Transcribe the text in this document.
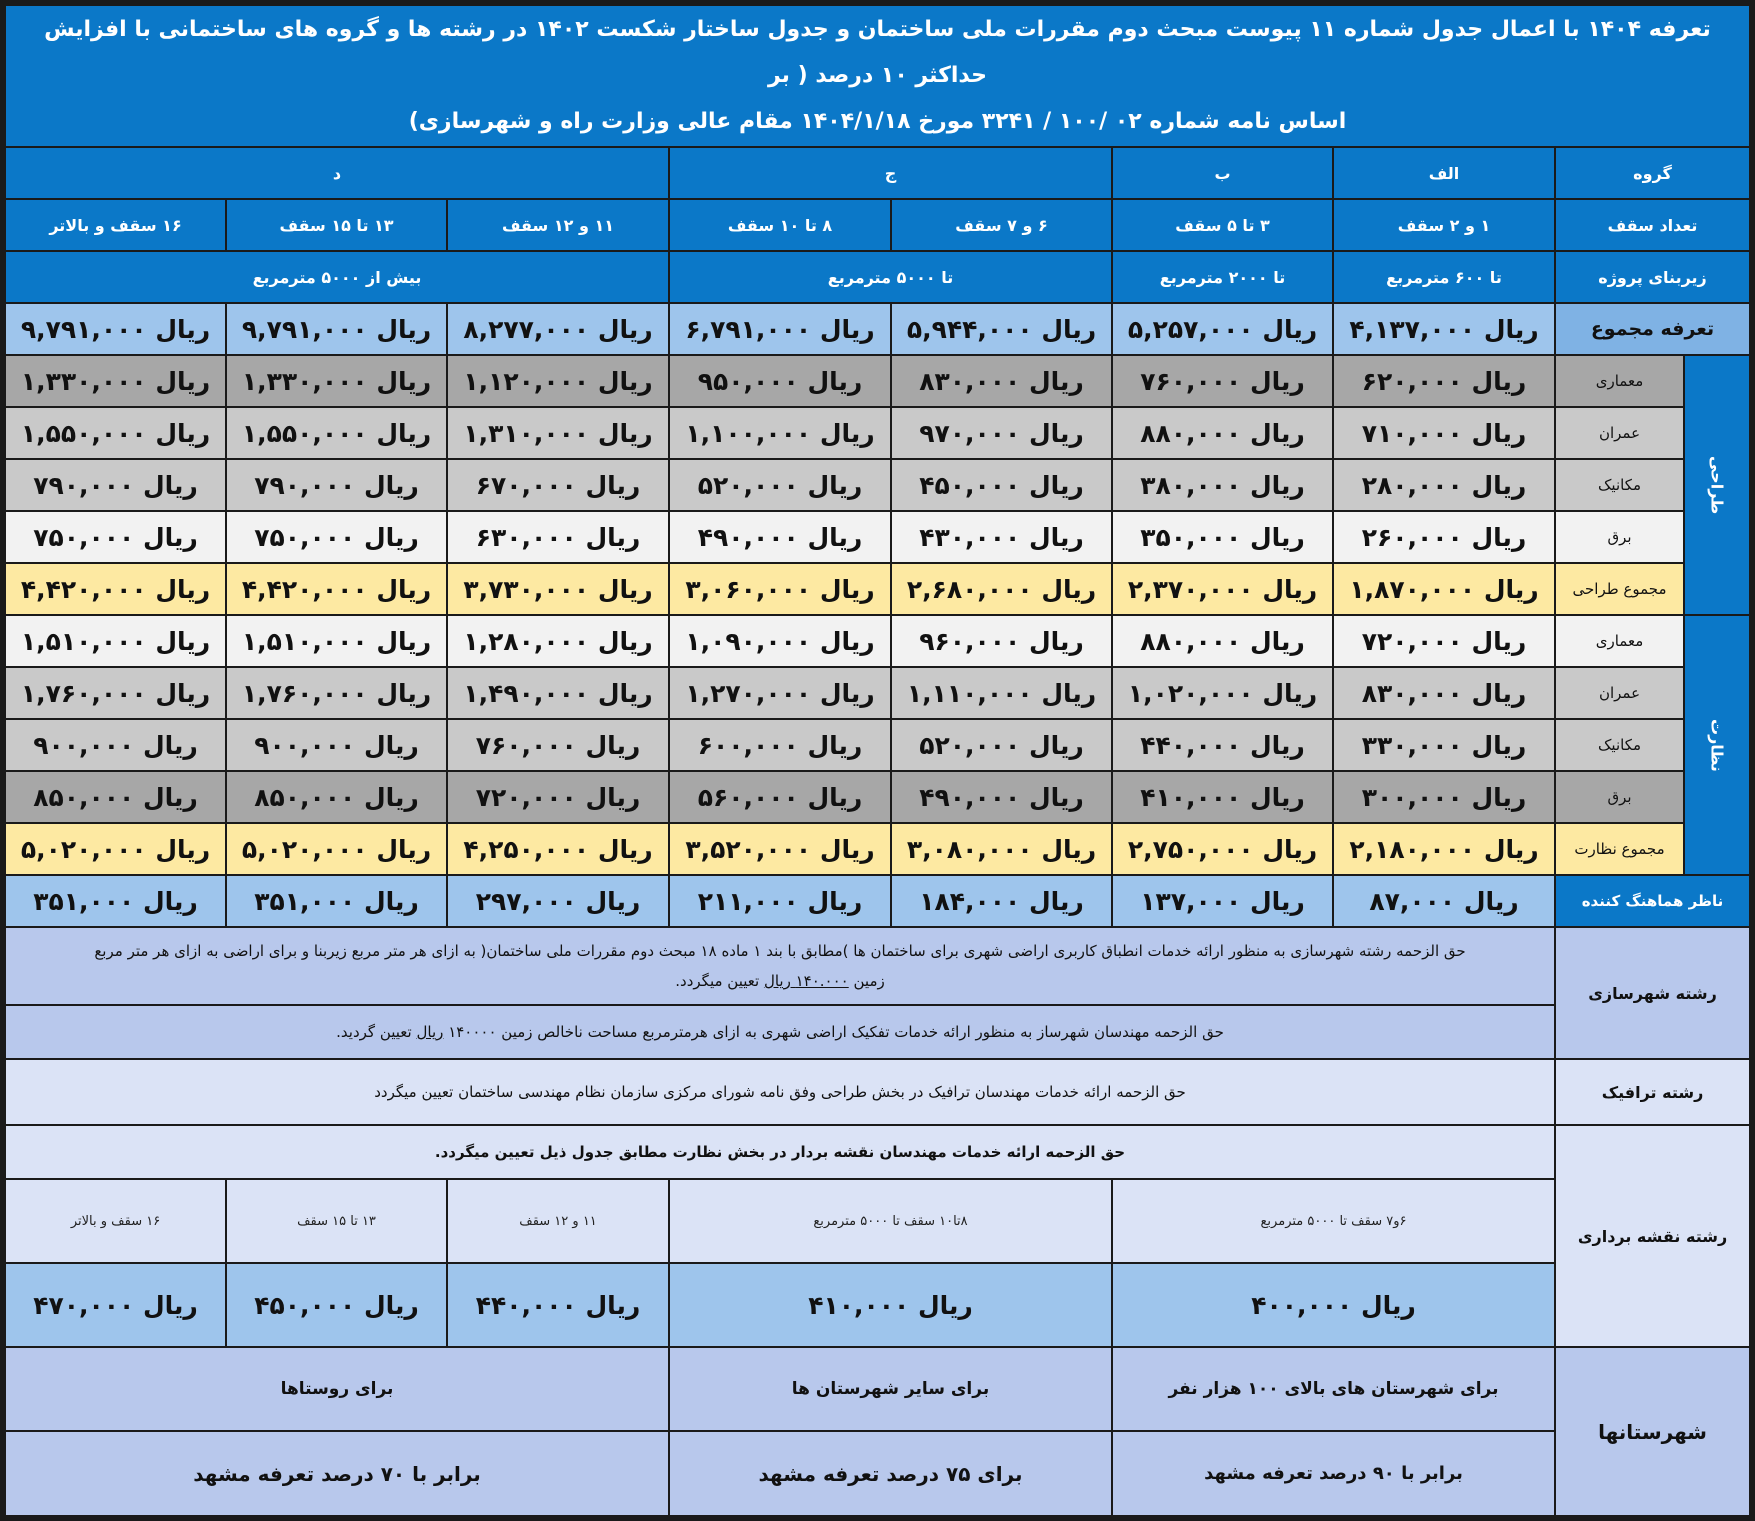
تعرفه ۱۴۰۴ با اعمال جدول شماره ۱۱ پیوست مبحث دوم مقررات ملی ساختمان و جدول ساختار شکست ۱۴۰۲ در رشته ها و گروه های ساختمانی با افزایش حداکثر ۱۰ درصد ( بر
اساس نامه شماره ۰۲ /۱۰۰ / ۳۲۴۱ مورخ ۱۴۰۴/۱/۱۸ مقام عالی وزارت راه و شهرسازی)
گروه
الف
ب
ج
د
تعداد سقف
۱ و ۲ سقف
۳ تا ۵ سقف
۶ و ۷ سقف
۸ تا ۱۰ سقف
۱۱ و ۱۲ سقف
۱۳ تا ۱۵ سقف
۱۶ سقف و بالاتر
زیربنای پروژه
تا ۶۰۰ مترمربع
تا ۲۰۰۰ مترمربع
تا ۵۰۰۰ مترمربع
بیش از ۵۰۰۰ مترمربع
تعرفه مجموع
ریال ۴,۱۳۷,۰۰۰
ریال ۵,۲۵۷,۰۰۰
ریال ۵,۹۴۴,۰۰۰
ریال ۶,۷۹۱,۰۰۰
ریال ۸,۲۷۷,۰۰۰
ریال ۹,۷۹۱,۰۰۰
ریال ۹,۷۹۱,۰۰۰
طراحی
معماری
ریال ۶۲۰,۰۰۰
ریال ۷۶۰,۰۰۰
ریال ۸۳۰,۰۰۰
ریال ۹۵۰,۰۰۰
ریال ۱,۱۲۰,۰۰۰
ریال ۱,۳۳۰,۰۰۰
ریال ۱,۳۳۰,۰۰۰
عمران
ریال ۷۱۰,۰۰۰
ریال ۸۸۰,۰۰۰
ریال ۹۷۰,۰۰۰
ریال ۱,۱۰۰,۰۰۰
ریال ۱,۳۱۰,۰۰۰
ریال ۱,۵۵۰,۰۰۰
ریال ۱,۵۵۰,۰۰۰
مکانیک
ریال ۲۸۰,۰۰۰
ریال ۳۸۰,۰۰۰
ریال ۴۵۰,۰۰۰
ریال ۵۲۰,۰۰۰
ریال ۶۷۰,۰۰۰
ریال ۷۹۰,۰۰۰
ریال ۷۹۰,۰۰۰
برق
ریال ۲۶۰,۰۰۰
ریال ۳۵۰,۰۰۰
ریال ۴۳۰,۰۰۰
ریال ۴۹۰,۰۰۰
ریال ۶۳۰,۰۰۰
ریال ۷۵۰,۰۰۰
ریال ۷۵۰,۰۰۰
مجموع طراحی
ریال ۱,۸۷۰,۰۰۰
ریال ۲,۳۷۰,۰۰۰
ریال ۲,۶۸۰,۰۰۰
ریال ۳,۰۶۰,۰۰۰
ریال ۳,۷۳۰,۰۰۰
ریال ۴,۴۲۰,۰۰۰
ریال ۴,۴۲۰,۰۰۰
نظارت
معماری
ریال ۷۲۰,۰۰۰
ریال ۸۸۰,۰۰۰
ریال ۹۶۰,۰۰۰
ریال ۱,۰۹۰,۰۰۰
ریال ۱,۲۸۰,۰۰۰
ریال ۱,۵۱۰,۰۰۰
ریال ۱,۵۱۰,۰۰۰
عمران
ریال ۸۳۰,۰۰۰
ریال ۱,۰۲۰,۰۰۰
ریال ۱,۱۱۰,۰۰۰
ریال ۱,۲۷۰,۰۰۰
ریال ۱,۴۹۰,۰۰۰
ریال ۱,۷۶۰,۰۰۰
ریال ۱,۷۶۰,۰۰۰
مکانیک
ریال ۳۳۰,۰۰۰
ریال ۴۴۰,۰۰۰
ریال ۵۲۰,۰۰۰
ریال ۶۰۰,۰۰۰
ریال ۷۶۰,۰۰۰
ریال ۹۰۰,۰۰۰
ریال ۹۰۰,۰۰۰
برق
ریال ۳۰۰,۰۰۰
ریال ۴۱۰,۰۰۰
ریال ۴۹۰,۰۰۰
ریال ۵۶۰,۰۰۰
ریال ۷۲۰,۰۰۰
ریال ۸۵۰,۰۰۰
ریال ۸۵۰,۰۰۰
مجموع نظارت
ریال ۲,۱۸۰,۰۰۰
ریال ۲,۷۵۰,۰۰۰
ریال ۳,۰۸۰,۰۰۰
ریال ۳,۵۲۰,۰۰۰
ریال ۴,۲۵۰,۰۰۰
ریال ۵,۰۲۰,۰۰۰
ریال ۵,۰۲۰,۰۰۰
ناظر هماهنگ کننده
ریال ۸۷,۰۰۰
ریال ۱۳۷,۰۰۰
ریال ۱۸۴,۰۰۰
ریال ۲۱۱,۰۰۰
ریال ۲۹۷,۰۰۰
ریال ۳۵۱,۰۰۰
ریال ۳۵۱,۰۰۰
رشته شهرسازی
حق الزحمه رشته شهرسازی به منظور ارائه خدمات انطباق کاربری اراضی شهری برای ساختمان ها )مطابق با بند ۱ ماده ۱۸ مبحث دوم مقررات ملی ساختمان( به ازای هر متر مربع زیربنا و برای اراضی به ازای هر متر مربع
زمین ۱۴۰.۰۰۰ ریال تعیین میگردد.
حق الزحمه مهندسان شهرساز به منظور ارائه خدمات تفکیک اراضی شهری به ازای هرمترمربع مساحت ناخالص زمین ۱۴۰۰۰۰

ریال

تعیین گردید.
رشته ترافیک
حق الزحمه ارائه خدمات مهندسان ترافیک در بخش طراحی وفق نامه شورای مرکزی سازمان نظام مهندسی ساختمان تعیین میگردد
رشته نقشه برداری
حق الزحمه ارائه خدمات مهندسان نقشه بردار در بخش نظارت مطابق جدول ذیل تعیین میگردد.
۶و۷ سقف تا ۵۰۰۰ مترمربع
۸تا۱۰ سقف تا ۵۰۰۰ مترمربع
۱۱ و ۱۲ سقف
۱۳ تا ۱۵ سقف
۱۶ سقف و بالاتر
ریال ۴۰۰,۰۰۰
ریال ۴۱۰,۰۰۰
ریال ۴۴۰,۰۰۰
ریال ۴۵۰,۰۰۰
ریال ۴۷۰,۰۰۰
شهرستانها
برای شهرستان های بالای ۱۰۰ هزار نفر
برای سایر شهرستان ها
برای روستاها
برابر با ۹۰ درصد تعرفه مشهد
برای ۷۵ درصد تعرفه مشهد
برابر با ۷۰ درصد تعرفه مشهد
